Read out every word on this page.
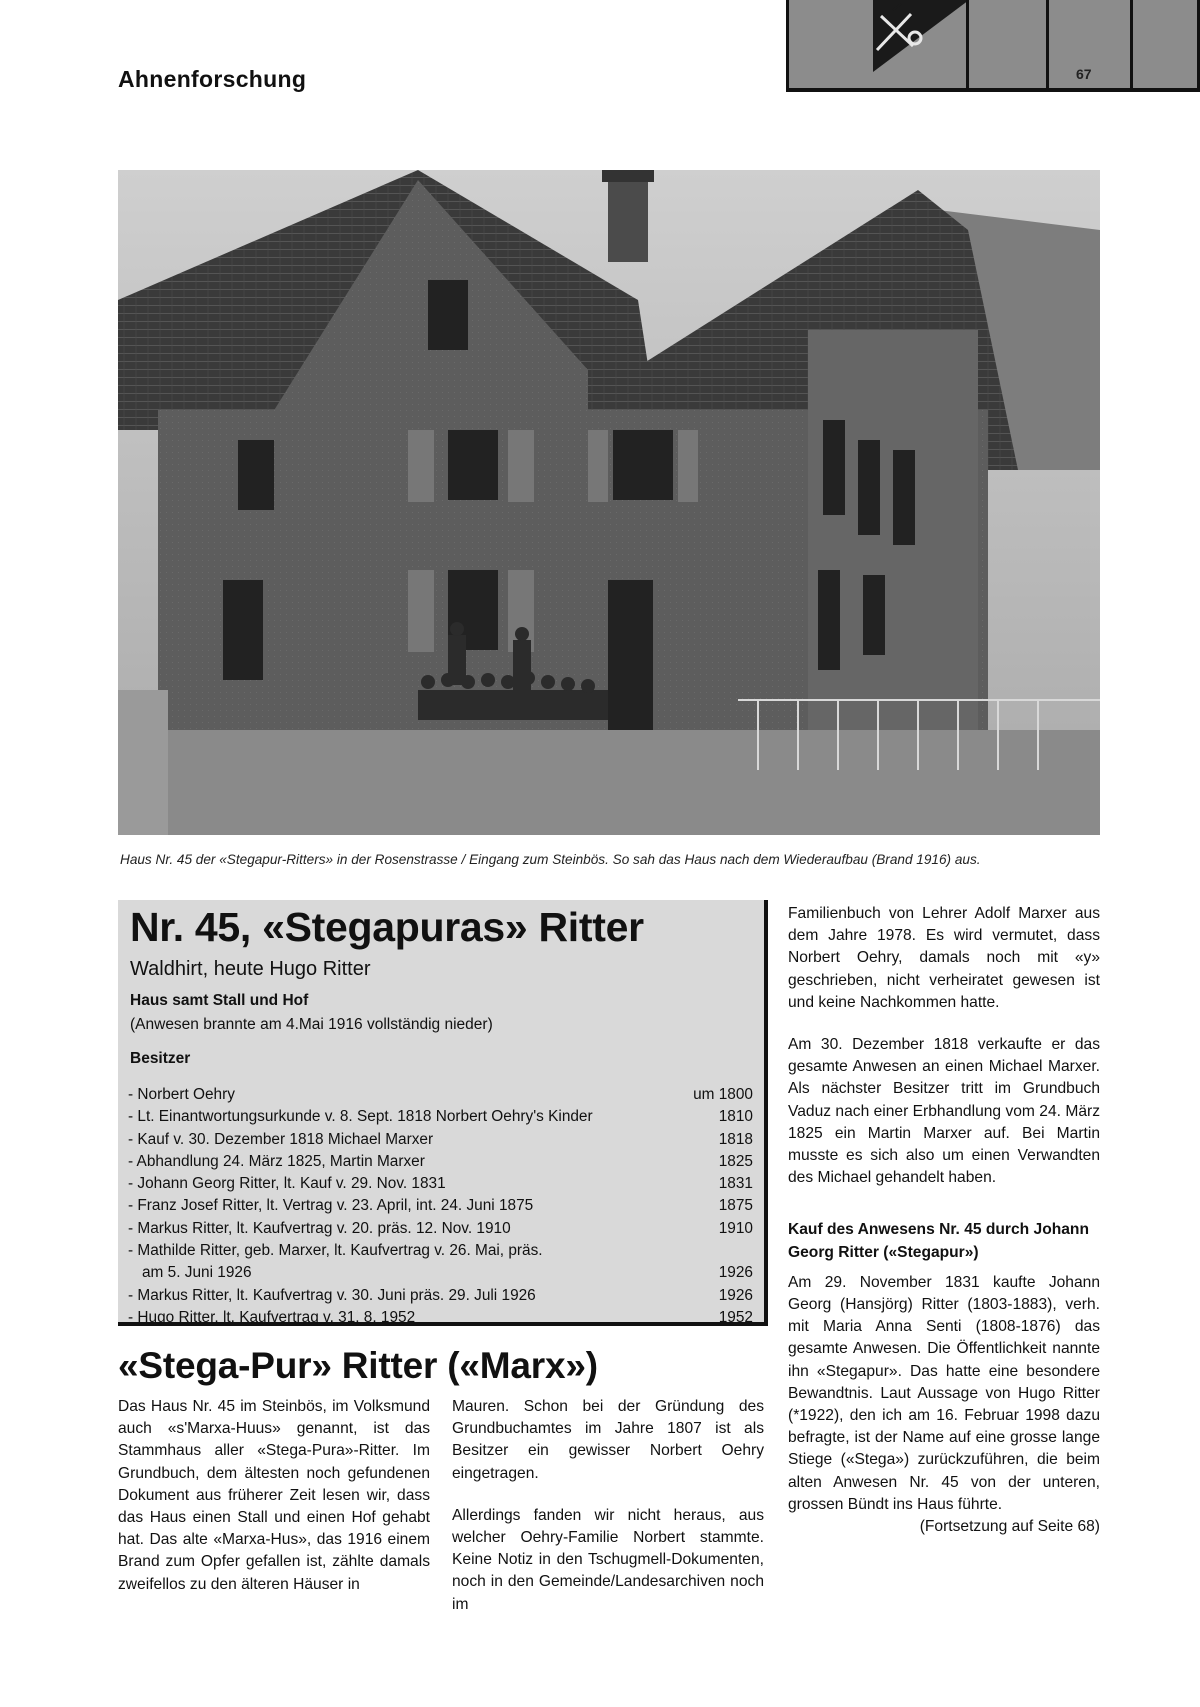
Ahnenforschung	67
Haus Nr. 45 der «Stegapur-Ritters» in der Rosenstrasse / Eingang zum Steinbös. So sah das Haus nach dem Wiederaufbau (Brand 1916) aus.
Nr. 45, «Stegapuras» Ritter
Waldhirt, heute Hugo Ritter
Haus samt Stall und Hof
(Anwesen brannte am 4.Mai 1916 vollständig nieder)
Besitzer
- Norbert Oehry	um 1800
- Lt. Einantwortungsurkunde v. 8. Sept. 1818 Norbert Oehry's Kinder	1810
- Kauf v. 30. Dezember 1818 Michael Marxer	1818
- Abhandlung 24. März 1825, Martin Marxer	1825
- Johann Georg Ritter, lt. Kauf v. 29. Nov. 1831	1831
- Franz Josef Ritter, lt. Vertrag v. 23. April, int. 24. Juni 1875	1875
- Markus Ritter, lt. Kaufvertrag v. 20. präs. 12. Nov. 1910	1910
- Mathilde Ritter, geb. Marxer, lt. Kaufvertrag v. 26. Mai, präs.
am 5. Juni 1926	1926
- Markus Ritter, lt. Kaufvertrag v. 30. Juni präs. 29. Juli 1926	1926
- Hugo Ritter, lt. Kaufvertrag v. 31. 8. 1952	1952
«Stega-Pur» Ritter («Marx»)

Das Haus Nr. 45 im Steinbös, im Volksmund auch «s'Marxa-Huus» genannt, ist das Stammhaus aller «Stega-Pura»-Ritter. Im Grundbuch, dem ältesten noch gefundenen Dokument aus früherer Zeit lesen wir, dass das Haus einen Stall und einen Hof gehabt hat. Das alte «Marxa-Hus», das 1916 einem Brand zum Opfer gefallen ist, zählte damals zweifellos zu den älteren Häuser in

Mauren. Schon bei der Gründung des Grundbuchamtes im Jahre 1807 ist als Besitzer ein gewisser Norbert Oehry eingetragen.

Allerdings fanden wir nicht heraus, aus welcher Oehry-Familie Norbert stammte. Keine Notiz in den Tschugmell-Dokumenten, noch in den Gemeinde/Landesarchiven noch im

Familienbuch von Lehrer Adolf Marxer aus dem Jahre 1978. Es wird vermutet, dass Norbert Oehry, damals noch mit «y» geschrieben, nicht verheiratet gewesen ist und keine Nachkommen hatte.

Am 30. Dezember 1818 verkaufte er das gesamte Anwesen an einen Michael Marxer. Als nächster Besitzer tritt im Grundbuch Vaduz nach einer Erbhandlung vom 24. März 1825 ein Martin Marxer auf. Bei Martin musste es sich also um einen Verwandten des Michael gehandelt haben.

Kauf des Anwesens Nr. 45 durch Johann Georg Ritter («Stegapur»)

Am 29. November 1831 kaufte Johann Georg (Hansjörg) Ritter (1803-1883), verh. mit Maria Anna Senti (1808-1876) das gesamte Anwesen. Die Öffentlichkeit nannte ihn «Stegapur». Das hatte eine besondere Bewandtnis. Laut Aussage von Hugo Ritter (*1922), den ich am 16. Februar 1998 dazu befragte, ist der Name auf eine grosse lange Stiege («Stega») zurückzuführen, die beim alten Anwesen Nr. 45 von der unteren, grossen Bündt ins Haus führte.

(Fortsetzung auf Seite 68)
